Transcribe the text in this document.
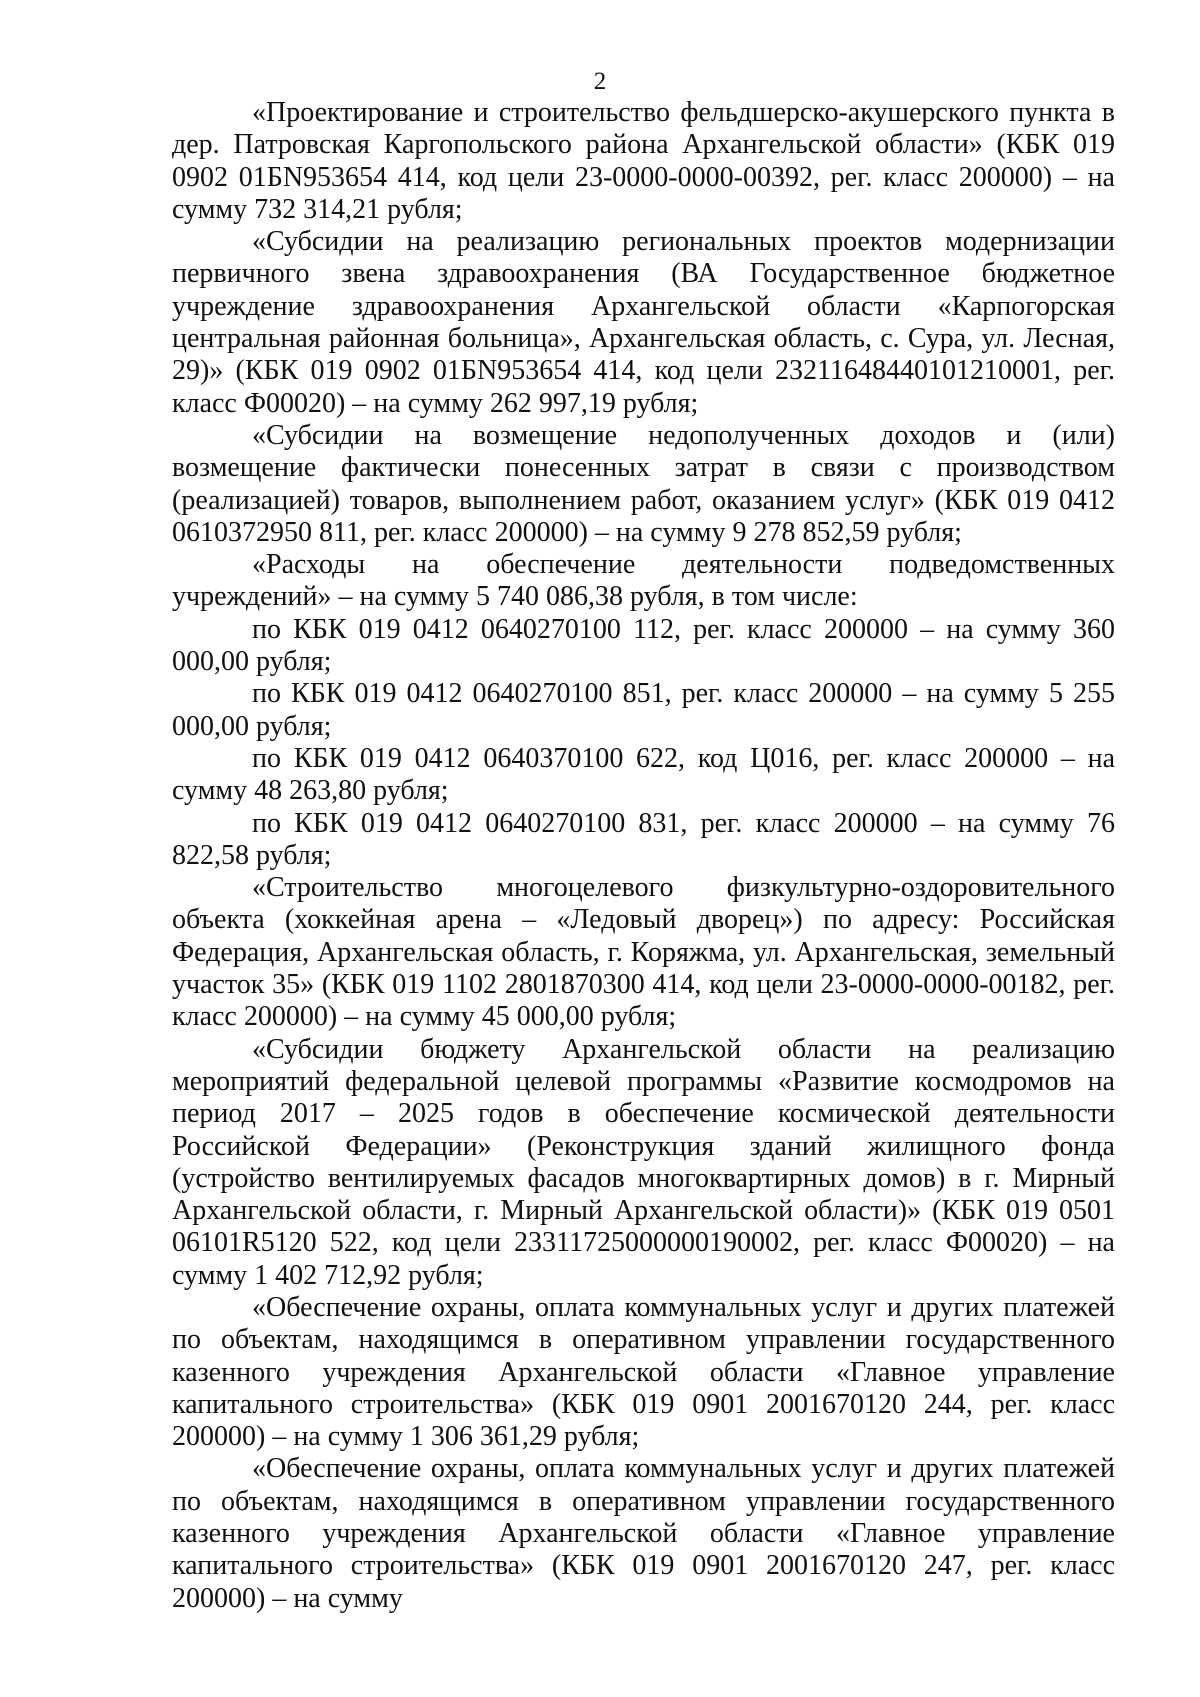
2

«Проектирование и строительство фельдшерско-акушерского пункта в дер. Патровская Каргопольского района Архангельской области» (КБК 019 0902 01БN953654 414, код цели 23-0000-0000-00392, рег. класс 200000) – на сумму 732 314,21 рубля;

«Субсидии на реализацию региональных проектов модернизации первичного звена здравоохранения (ВА Государственное бюджетное учреждение здравоохранения Архангельской области «Карпогорская центральная районная больница», Архангельская область, с. Сура, ул. Лесная, 29)» (КБК 019 0902 01БN953654 414, код цели 23211648440101210001, рег. класс Ф00020) – на сумму 262 997,19 рубля;

«Субсидии на возмещение недополученных доходов и (или) возмещение фактически понесенных затрат в связи с производством (реализацией) товаров, выполнением работ, оказанием услуг» (КБК 019 0412 0610372950 811, рег. класс 200000) – на сумму 9 278 852,59 рубля;

«Расходы на обеспечение деятельности подведомственных учреждений» – на сумму 5 740 086,38 рубля, в том числе:

по КБК 019 0412 0640270100 112, рег. класс 200000 – на сумму 360 000,00 рубля;

по КБК 019 0412 0640270100 851, рег. класс 200000 – на сумму 5 255 000,00 рубля;

по КБК 019 0412 0640370100 622, код Ц016, рег. класс 200000 – на сумму 48 263,80 рубля;

по КБК 019 0412 0640270100 831, рег. класс 200000 – на сумму 76 822,58 рубля;

«Строительство многоцелевого физкультурно-оздоровительного объекта (хоккейная арена – «Ледовый дворец») по адресу: Российская Федерация, Архангельская область, г. Коряжма, ул. Архангельская, земельный участок 35» (КБК 019 1102 2801870300 414, код цели 23-0000-0000-00182, рег. класс 200000) – на сумму 45 000,00 рубля;

«Субсидии бюджету Архангельской области на реализацию мероприятий федеральной целевой программы «Развитие космодромов на период 2017 – 2025 годов в обеспечение космической деятельности Российской Федерации» (Реконструкция зданий жилищного фонда (устройство вентилируемых фасадов многоквартирных домов) в г. Мирный Архангельской области, г. Мирный Архангельской области)» (КБК 019 0501 06101R5120 522, код цели 23311725000000190002, рег. класс Ф00020) – на сумму 1 402 712,92 рубля;

«Обеспечение охраны, оплата коммунальных услуг и других платежей по объектам, находящимся в оперативном управлении государственного казенного учреждения Архангельской области «Главное управление капитального строительства» (КБК 019 0901 2001670120 244, рег. класс 200000) – на сумму 1 306 361,29 рубля;

«Обеспечение охраны, оплата коммунальных услуг и других платежей по объектам, находящимся в оперативном управлении государственного казенного учреждения Архангельской области «Главное управление капитального строительства» (КБК 019 0901 2001670120 247, рег. класс 200000) – на сумму
